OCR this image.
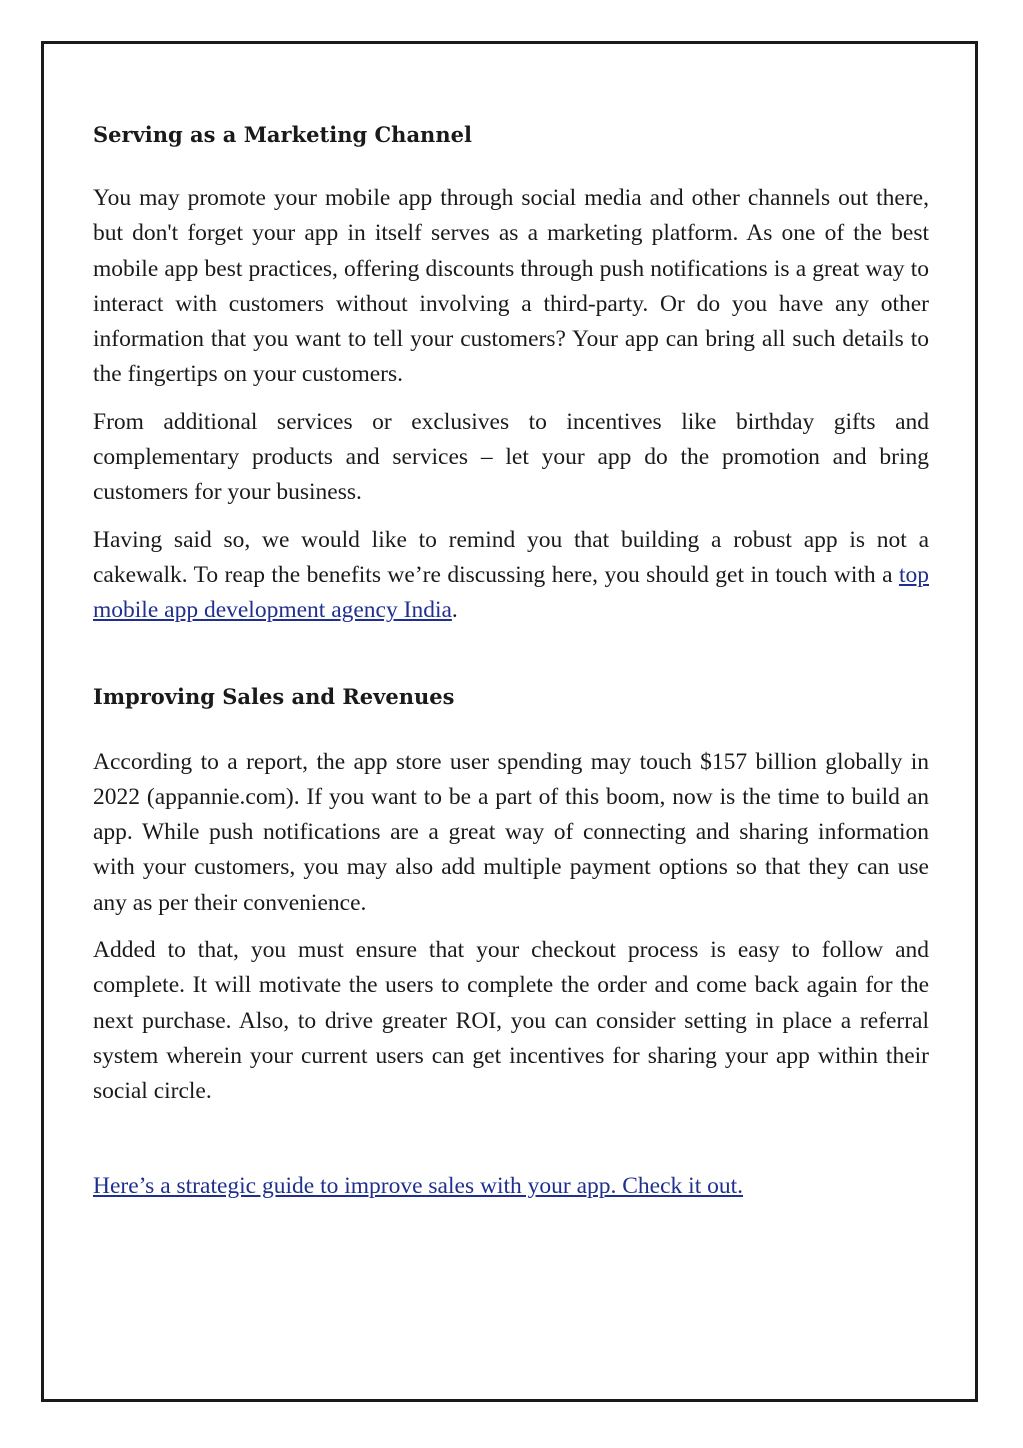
Serving as a Marketing Channel

You may promote your mobile app through social media and other channels out there, but don't forget your app in itself serves as a marketing platform. As one of the best mobile app best practices, offering discounts through push notifications is a great way to interact with customers without involving a third-party. Or do you have any other information that you want to tell your customers? Your app can bring all such details to the fingertips on your customers.

From additional services or exclusives to incentives like birthday gifts and complementary products and services – let your app do the promotion and bring customers for your business.

Having said so, we would like to remind you that building a robust app is not a cakewalk. To reap the benefits we’re discussing here, you should get in touch with a top mobile app development agency India.

Improving Sales and Revenues

According to a report, the app store user spending may touch $157 billion globally in 2022 (appannie.com). If you want to be a part of this boom, now is the time to build an app. While push notifications are a great way of connecting and sharing information with your customers, you may also add multiple payment options so that they can use any as per their convenience.

Added to that, you must ensure that your checkout process is easy to follow and complete. It will motivate the users to complete the order and come back again for the next purchase. Also, to drive greater ROI, you can consider setting in place a referral system wherein your current users can get incentives for sharing your app within their social circle.

Here’s a strategic guide to improve sales with your app. Check it out.
